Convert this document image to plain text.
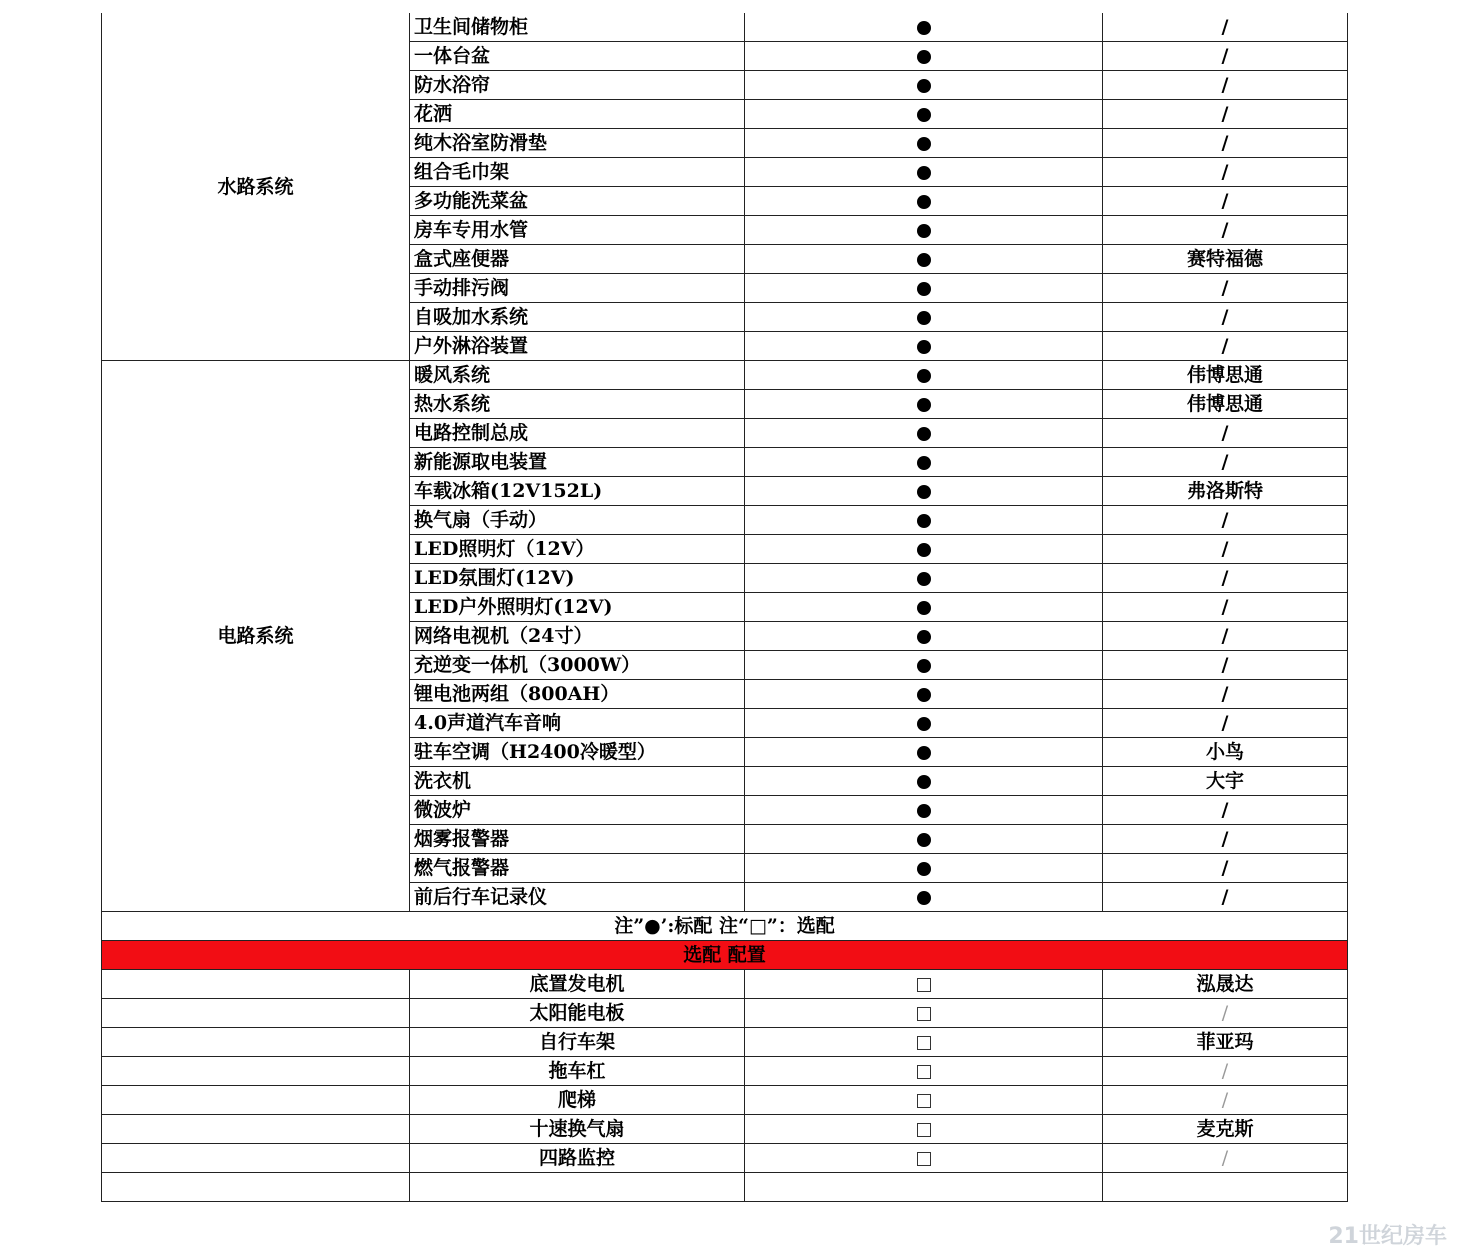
水路系统	卫生间储物柜		/
	一体台盆		/
	防水浴帘		/
	花洒		/
	纯木浴室防滑垫		/
	组合毛巾架		/
	多功能洗菜盆		/
	房车专用水管		/
	盒式座便器		赛特福德
	手动排污阀		/
	自吸加水系统		/
	户外淋浴装置		/
电路系统	暖风系统		伟博思通
	热水系统		伟博思通
	电路控制总成		/
	新能源取电装置		/
	车载冰箱(12V152L)		弗洛斯特
	换气扇（手动）		/
	LED照明灯（12V）		/
	LED氛围灯(12V)		/
	LED户外照明灯(12V)		/
	网络电视机（24寸）		/
	充逆变一体机（3000W）		/
	锂电池两组（800AH）		/
	4.0声道汽车音响		/
	驻车空调（H2400冷暖型）		小鸟
	洗衣机		大宇
	微波炉		/
	烟雾报警器		/
	燃气报警器		/
	前后行车记录仪		/
注”●’:标配 注“□”：选配			
选配 配置			
	底置发电机		泓晟达
	太阳能电板		/
	自行车架		菲亚玛
	拖车杠		/
	爬梯		/
	十速换气扇		麦克斯
	四路监控		/

21世纪房车
